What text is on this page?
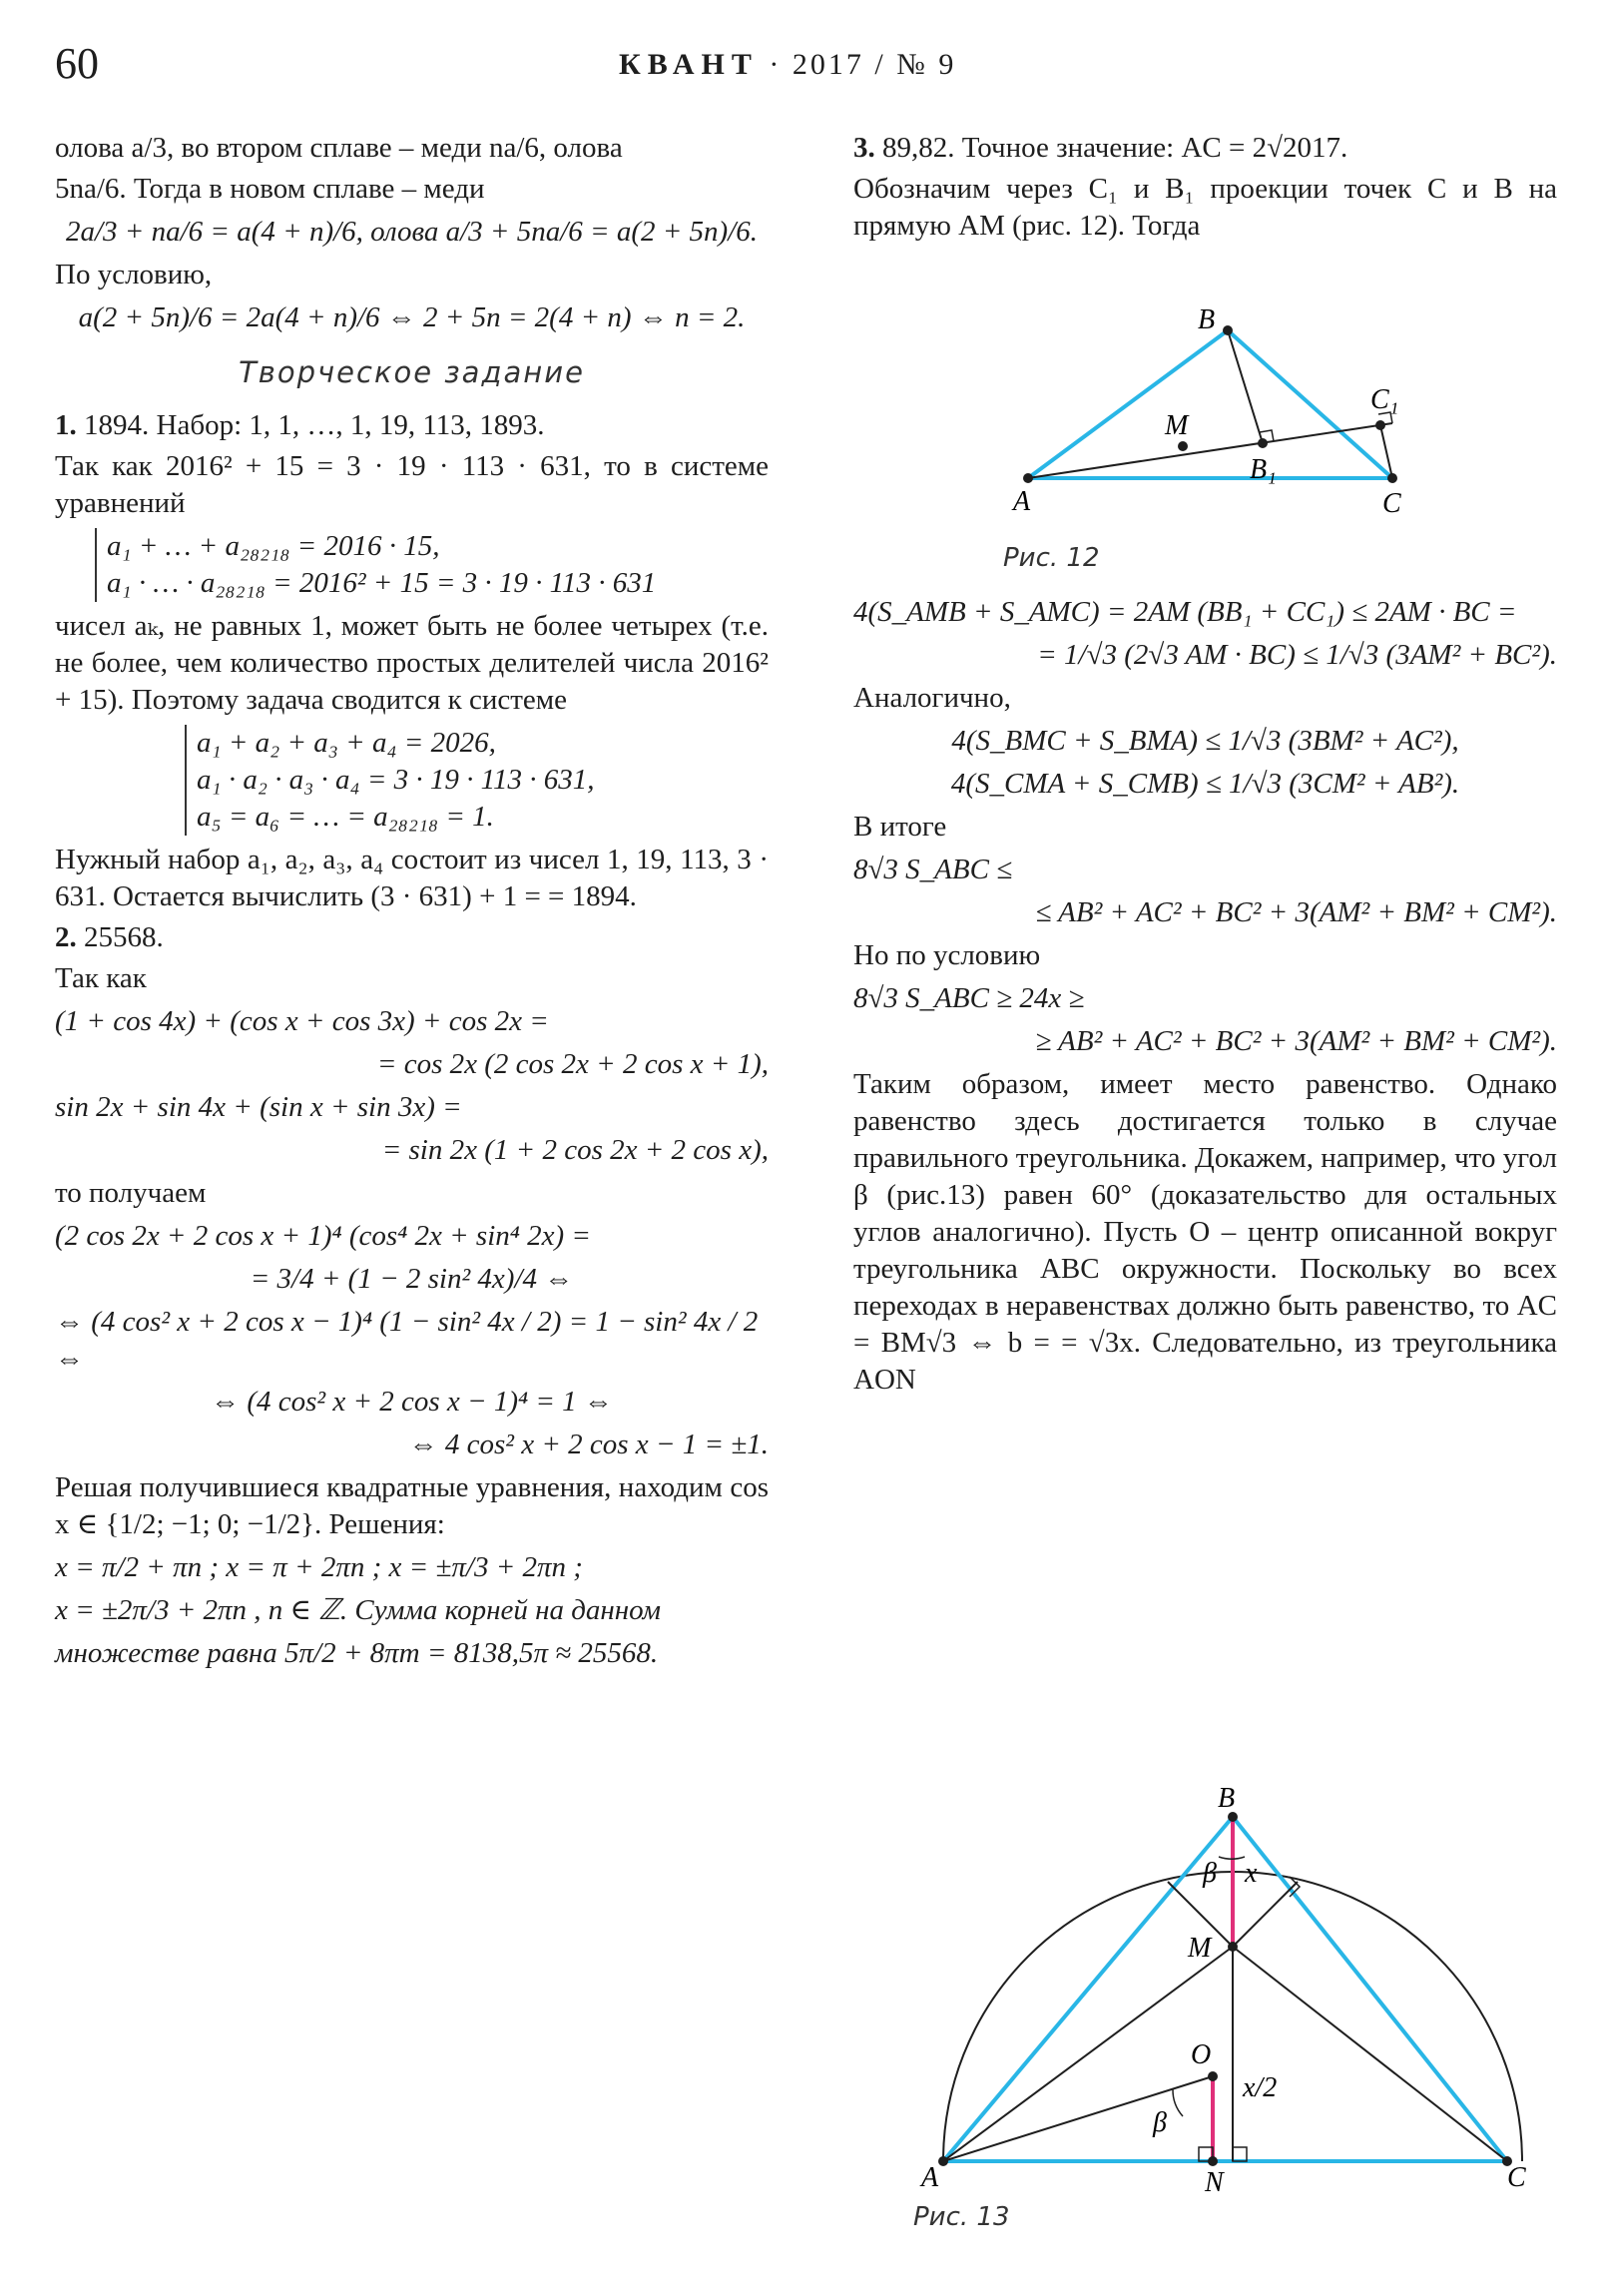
60	КВАНТ · 2017 / № 9

олова a/3, во втором сплаве – меди na/6, олова

5na/6. Тогда в новом сплаве – меди

2a/3 + na/6 = a(4 + n)/6, олова a/3 + 5na/6 = a(2 + 5n)/6.

По условию,

a(2 + 5n)/6 = 2a(4 + n)/6 ⇔ 2 + 5n = 2(4 + n) ⇔ n = 2.

Творческое задание

1. 1894. Набор: 1, 1, …, 1, 19, 113, 1893.

Так как 2016² + 15 = 3 · 19 · 113 · 631, то в системе уравнений

a₁ + … + a₂₈₂₁₈ = 2016 · 15,
a₁ · … · a₂₈₂₁₈ = 2016² + 15 = 3 · 19 · 113 · 631

чисел aₖ, не равных 1, может быть не более четырех (т.е. не более, чем количество простых делителей числа 2016² + 15). Поэтому задача сводится к системе

a₁ + a₂ + a₃ + a₄ = 2026,
a₁ · a₂ · a₃ · a₄ = 3 · 19 · 113 · 631,
a₅ = a₆ = … = a₂₈₂₁₈ = 1.

Нужный набор a₁, a₂, a₃, a₄ состоит из чисел 1, 19, 113, 3 · 631. Остается вычислить (3 · 631) + 1 = = 1894.

2. 25568.

Так как

(1 + cos 4x) + (cos x + cos 3x) + cos 2x =

= cos 2x (2 cos 2x + 2 cos x + 1),

sin 2x + sin 4x + (sin x + sin 3x) =

= sin 2x (1 + 2 cos 2x + 2 cos x),

то получаем

(2 cos 2x + 2 cos x + 1)⁴ (cos⁴ 2x + sin⁴ 2x) =

= 3/4 + (1 − 2 sin² 4x)/4 ⇔

⇔ (4 cos² x + 2 cos x − 1)⁴ (1 − sin² 4x / 2) = 1 − sin² 4x / 2 ⇔

⇔ (4 cos² x + 2 cos x − 1)⁴ = 1 ⇔

⇔ 4 cos² x + 2 cos x − 1 = ±1.

Решая получившиеся квадратные уравнения, находим cos x ∈ {1/2; −1; 0; −1/2}. Решения:

x = π/2 + πn ; x = π + 2πn ; x = ±π/3 + 2πn ;

x = ±2π/3 + 2πn , n ∈ ℤ. Сумма корней на данном

множестве равна 5π/2 + 8πm = 8138,5π ≈ 25568.

3. 89,82. Точное значение: AC = 2√2017.

Обозначим через C₁ и B₁ проекции точек C и B на прямую AM (рис. 12). Тогда

B
A	C
M
B₁
C₁
Рис. 12

4(S_AMB + S_AMC) = 2AM (BB₁ + CC₁) ≤ 2AM · BC =

= 1/√3 (2√3 AM · BC) ≤ 1/√3 (3AM² + BC²).

Аналогично,

4(S_BMC + S_BMA) ≤ 1/√3 (3BM² + AC²),

4(S_CMA + S_CMB) ≤ 1/√3 (3CM² + AB²).

В итоге

8√3 S_ABC ≤

≤ AB² + AC² + BC² + 3(AM² + BM² + CM²).

Но по условию

8√3 S_ABC ≥ 24x ≥

≥ AB² + AC² + BC² + 3(AM² + BM² + CM²).

Таким образом, имеет место равенство. Однако равенство здесь достигается только в случае правильного треугольника. Докажем, например, что угол β (рис.13) равен 60° (доказательство для остальных углов аналогично). Пусть O – центр описанной вокруг треугольника ABC окружности. Поскольку во всех переходах в неравенствах должно быть равенство, то AC = BM√3 ⇔ b = = √3x. Следовательно, из треугольника AON

B
A	C
M
O
N
β
β
x
x/2
Рис. 13
